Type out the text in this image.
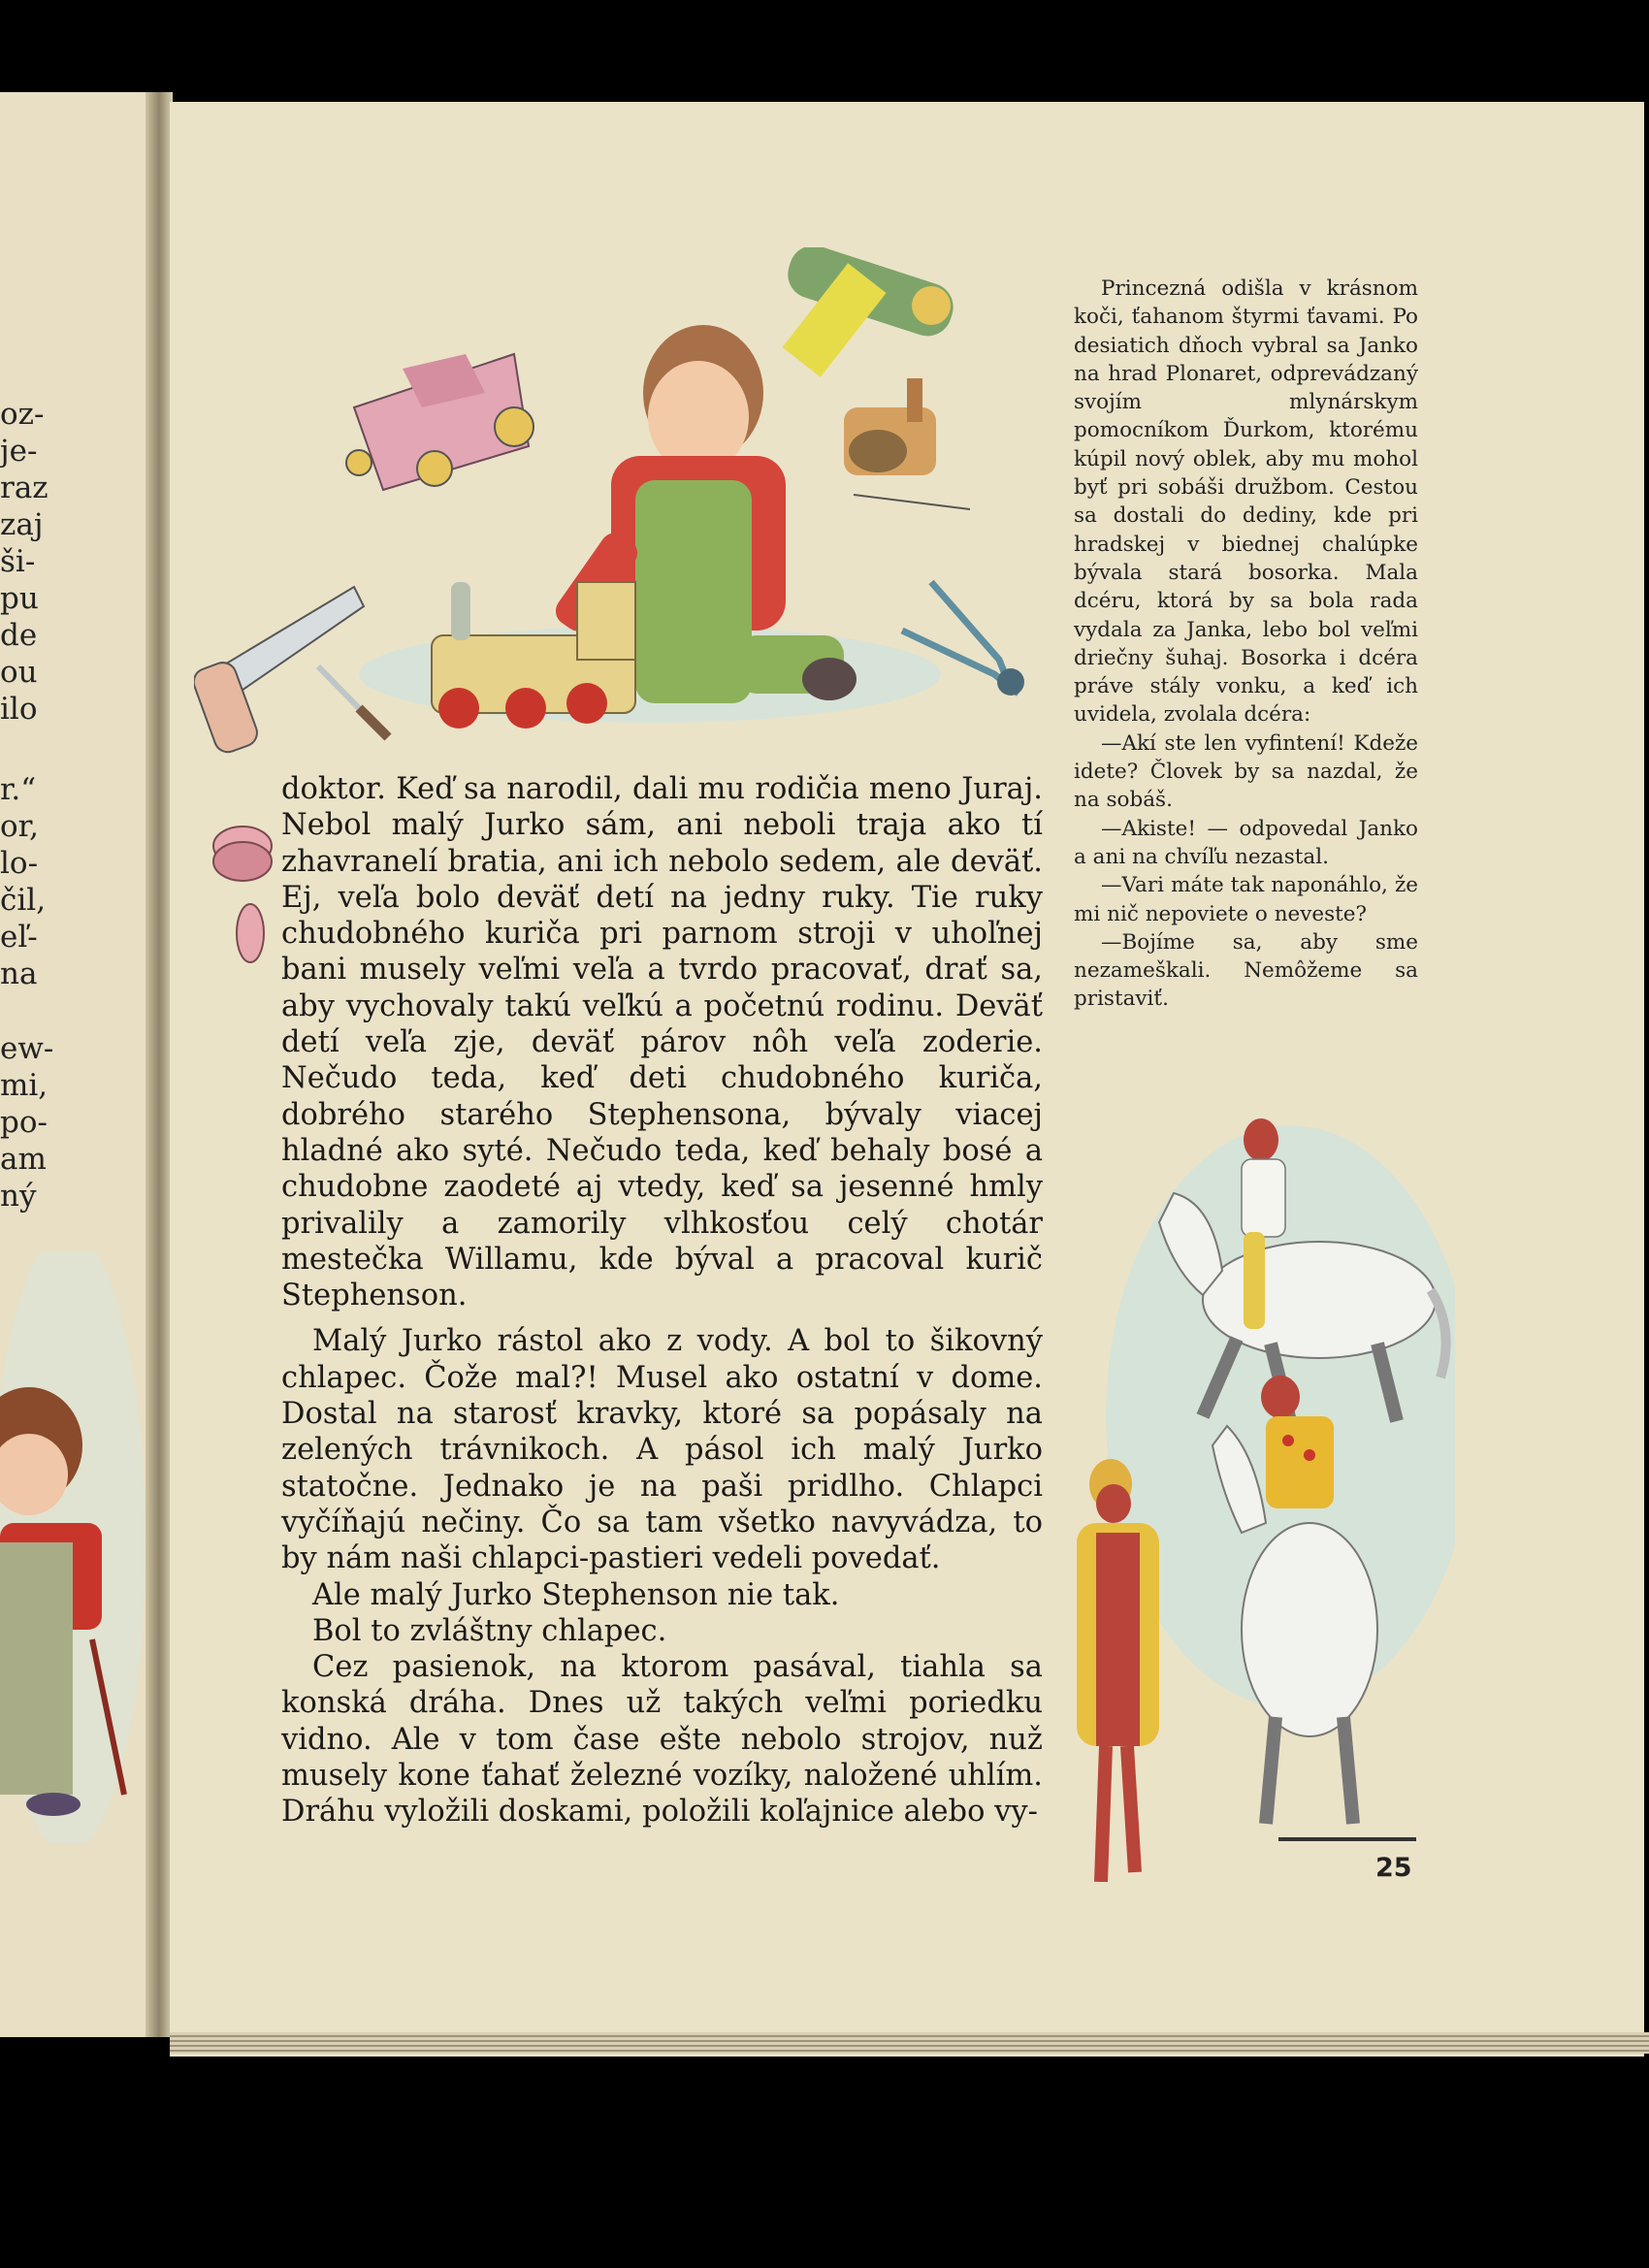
oz-
je-
raz
zaj
ši-
pu
de
ou
ilo
r.“
or,
lo-
čil,
eľ-
na
ew-
mi,
po-
am
ný

doktor. Keď sa narodil, dali mu rodičia meno Juraj. Nebol malý Jurko sám, ani neboli traja ako tí zhavranelí bratia, ani ich nebolo sedem, ale deväť. Ej, veľa bolo deväť detí na jedny ruky. Tie ruky chudobného kuriča pri parnom stroji v uhoľnej bani musely veľmi veľa a tvrdo pracovať, drať sa, aby vychovaly takú veľkú a početnú rodinu. Deväť detí veľa zje, deväť párov nôh veľa zoderie. Nečudo teda, keď deti chudobného kuriča, dobrého starého Stephensona, bývaly viacej hladné ako syté. Nečudo teda, keď behaly bosé a chudobne zaodeté aj vtedy, keď sa jesenné hmly privalily a zamorily vlhkosťou celý chotár mestečka Willamu, kde býval a pracoval kurič Stephenson.

Malý Jurko rástol ako z vody. A bol to šikovný chlapec. Čože mal?! Musel ako ostatní v dome. Dostal na starosť kravky, ktoré sa popásaly na zelených trávnikoch. A pásol ich malý Jurko statočne. Jednako je na paši pridlho. Chlapci vyčíňajú nečiny. Čo sa tam všetko navyvádza, to by nám naši chlapci-pastieri vedeli povedať.

Ale malý Jurko Stephenson nie tak.

Bol to zvláštny chlapec.

Cez pasienok, na ktorom pasával, tiahla sa konská dráha. Dnes už takých veľmi poriedku vidno. Ale v tom čase ešte nebolo strojov, nuž musely kone ťahať železné vozíky, naložené uhlím. Dráhu vyložili doskami, položili koľajnice alebo vy-

Princezná odišla v krásnom koči, ťahanom štyrmi ťavami. Po desiatich dňoch vybral sa Janko na hrad Plonaret, odprevádzaný svojím mlynárskym pomocníkom Ďurkom, ktorému kúpil nový oblek, aby mu mohol byť pri sobáši družbom. Cestou sa dostali do dediny, kde pri hradskej v biednej chalúpke bývala stará bosorka. Mala dcéru, ktorá by sa bola rada vydala za Janka, lebo bol veľmi driečny šuhaj. Bosorka i dcéra práve stály vonku, a keď ich uvidela, zvolala dcéra:

—Akí ste len vyfintení! Kdeže idete? Človek by sa nazdal, že na sobáš.

—Akiste! — odpovedal Janko a ani na chvíľu nezastal.

—Vari máte tak naponáhlo, že mi nič nepoviete o neveste?

—Bojíme sa, aby sme nezameškali. Nemôžeme sa pristaviť.

25
